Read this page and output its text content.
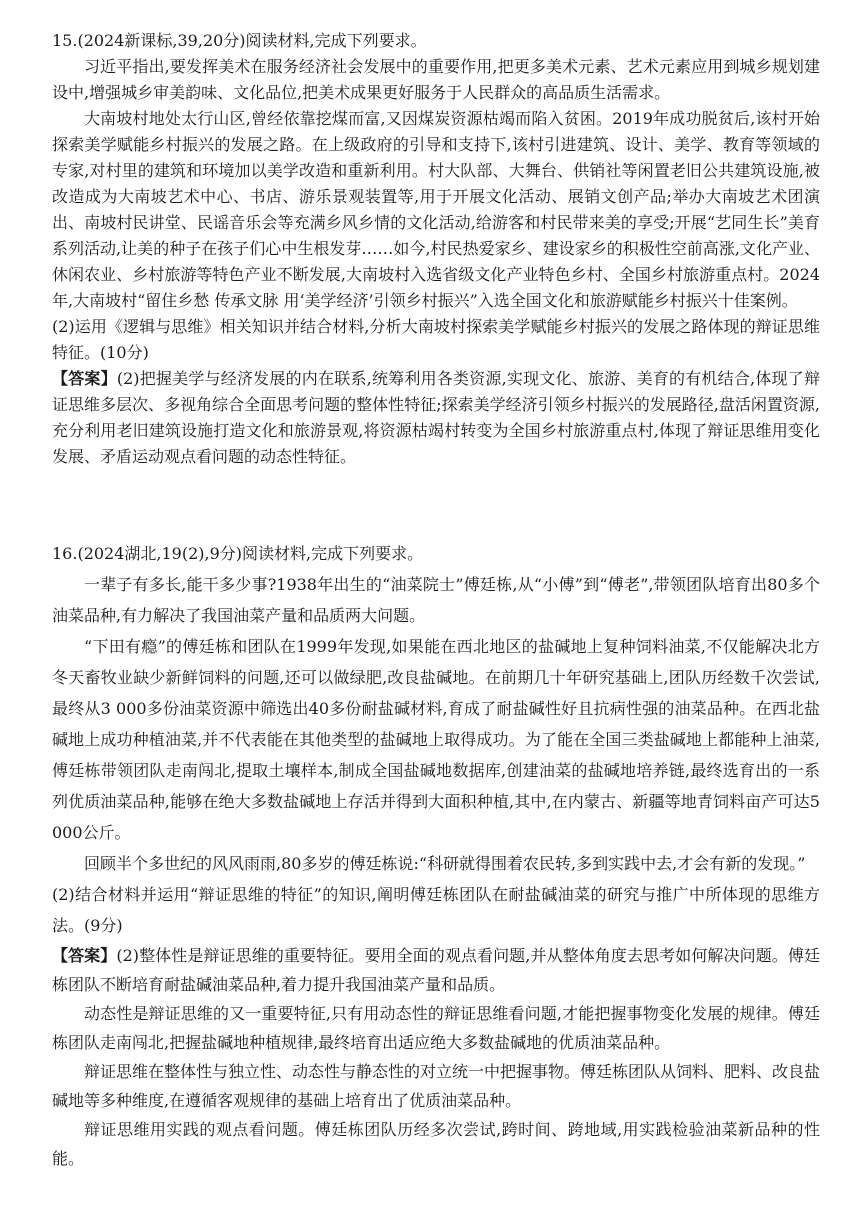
15.(2024新课标,39,20分)阅读材料,完成下列要求。

习近平指出,要发挥美术在服务经济社会发展中的重要作用,把更多美术元素、艺术元素应用到城乡规划建设中,增强城乡审美韵味、文化品位,把美术成果更好服务于人民群众的高品质生活需求。

大南坡村地处太行山区,曾经依靠挖煤而富,又因煤炭资源枯竭而陷入贫困。2019年成功脱贫后,该村开始探索美学赋能乡村振兴的发展之路。在上级政府的引导和支持下,该村引进建筑、设计、美学、教育等领域的专家,对村里的建筑和环境加以美学改造和重新利用。村大队部、大舞台、供销社等闲置老旧公共建筑设施,被改造成为大南坡艺术中心、书店、游乐景观装置等,用于开展文化活动、展销文创产品;举办大南坡艺术团演出、南坡村民讲堂、民谣音乐会等充满乡风乡情的文化活动,给游客和村民带来美的享受;开展“艺同生长”美育系列活动,让美的种子在孩子们心中生根发芽……如今,村民热爱家乡、建设家乡的积极性空前高涨,文化产业、休闲农业、乡村旅游等特色产业不断发展,大南坡村入选省级文化产业特色乡村、全国乡村旅游重点村。2024年,大南坡村“留住乡愁 传承文脉 用‘美学经济’引领乡村振兴”入选全国文化和旅游赋能乡村振兴十佳案例。

(2)运用《逻辑与思维》相关知识并结合材料,分析大南坡村探索美学赋能乡村振兴的发展之路体现的辩证思维特征。(10分)

【答案】(2)把握美学与经济发展的内在联系,统筹利用各类资源,实现文化、旅游、美育的有机结合,体现了辩证思维多层次、多视角综合全面思考问题的整体性特征;探索美学经济引领乡村振兴的发展路径,盘活闲置资源,充分利用老旧建筑设施打造文化和旅游景观,将资源枯竭村转变为全国乡村旅游重点村,体现了辩证思维用变化发展、矛盾运动观点看问题的动态性特征。

16.(2024湖北,19(2),9分)阅读材料,完成下列要求。

一辈子有多长,能干多少事?1938年出生的“油菜院士”傅廷栋,从“小傅”到“傅老”,带领团队培育出80多个油菜品种,有力解决了我国油菜产量和品质两大问题。

“下田有瘾”的傅廷栋和团队在1999年发现,如果能在西北地区的盐碱地上复种饲料油菜,不仅能解决北方冬天畜牧业缺少新鲜饲料的问题,还可以做绿肥,改良盐碱地。在前期几十年研究基础上,团队历经数千次尝试,最终从3 000多份油菜资源中筛选出40多份耐盐碱材料,育成了耐盐碱性好且抗病性强的油菜品种。在西北盐碱地上成功种植油菜,并不代表能在其他类型的盐碱地上取得成功。为了能在全国三类盐碱地上都能种上油菜,傅廷栋带领团队走南闯北,提取土壤样本,制成全国盐碱地数据库,创建油菜的盐碱地培养链,最终选育出的一系列优质油菜品种,能够在绝大多数盐碱地上存活并得到大面积种植,其中,在内蒙古、新疆等地青饲料亩产可达5 000公斤。

回顾半个多世纪的风风雨雨,80多岁的傅廷栋说:“科研就得围着农民转,多到实践中去,才会有新的发现。”

(2)结合材料并运用“辩证思维的特征”的知识,阐明傅廷栋团队在耐盐碱油菜的研究与推广中所体现的思维方法。(9分)

【答案】(2)整体性是辩证思维的重要特征。要用全面的观点看问题,并从整体角度去思考如何解决问题。傅廷栋团队不断培育耐盐碱油菜品种,着力提升我国油菜产量和品质。

动态性是辩证思维的又一重要特征,只有用动态性的辩证思维看问题,才能把握事物变化发展的规律。傅廷栋团队走南闯北,把握盐碱地种植规律,最终培育出适应绝大多数盐碱地的优质油菜品种。

辩证思维在整体性与独立性、动态性与静态性的对立统一中把握事物。傅廷栋团队从饲料、肥料、改良盐碱地等多种维度,在遵循客观规律的基础上培育出了优质油菜品种。

辩证思维用实践的观点看问题。傅廷栋团队历经多次尝试,跨时间、跨地域,用实践检验油菜新品种的性能。
